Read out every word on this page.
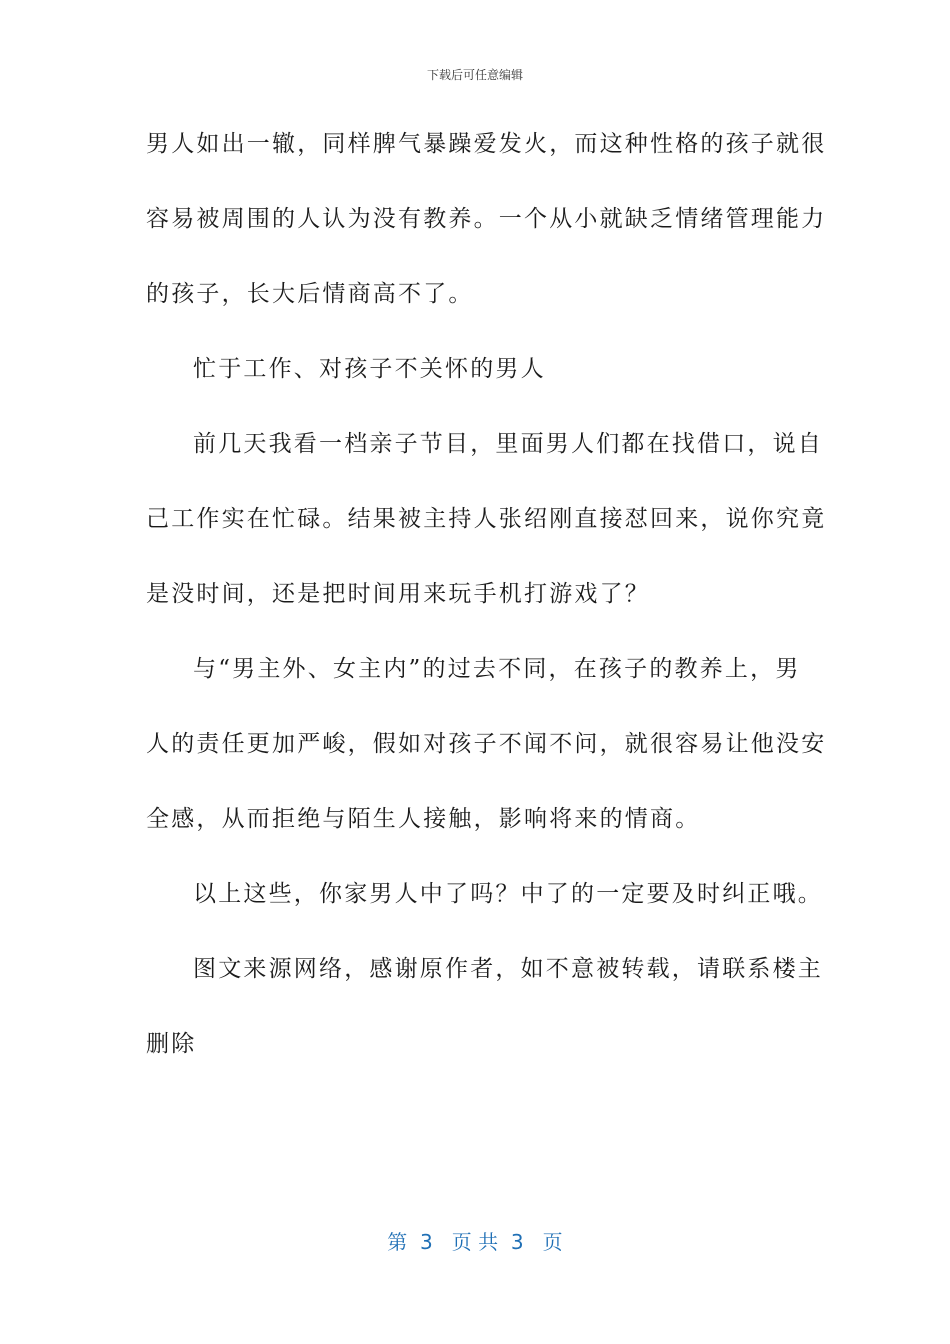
下载后可任意编辑
男人如出一辙，同样脾气暴躁爱发火，而这种性格的孩子就很
容易被周围的人认为没有教养。一个从小就缺乏情绪管理能力
的孩子，长大后情商高不了。
忙于工作、对孩子不关怀的男人
前几天我看一档亲子节目，里面男人们都在找借口，说自
己工作实在忙碌。结果被主持人张绍刚直接怼回来，说你究竟
是没时间，还是把时间用来玩手机打游戏了？
与“男主外、女主内”的过去不同，在孩子的教养上，男
人的责任更加严峻，假如对孩子不闻不问，就很容易让他没安
全感，从而拒绝与陌生人接触，影响将来的情商。
以上这些，你家男人中了吗？中了的一定要及时纠正哦。
图文来源网络，感谢原作者，如不意被转载，请联系楼主
删除
第  3   页 共  3   页
